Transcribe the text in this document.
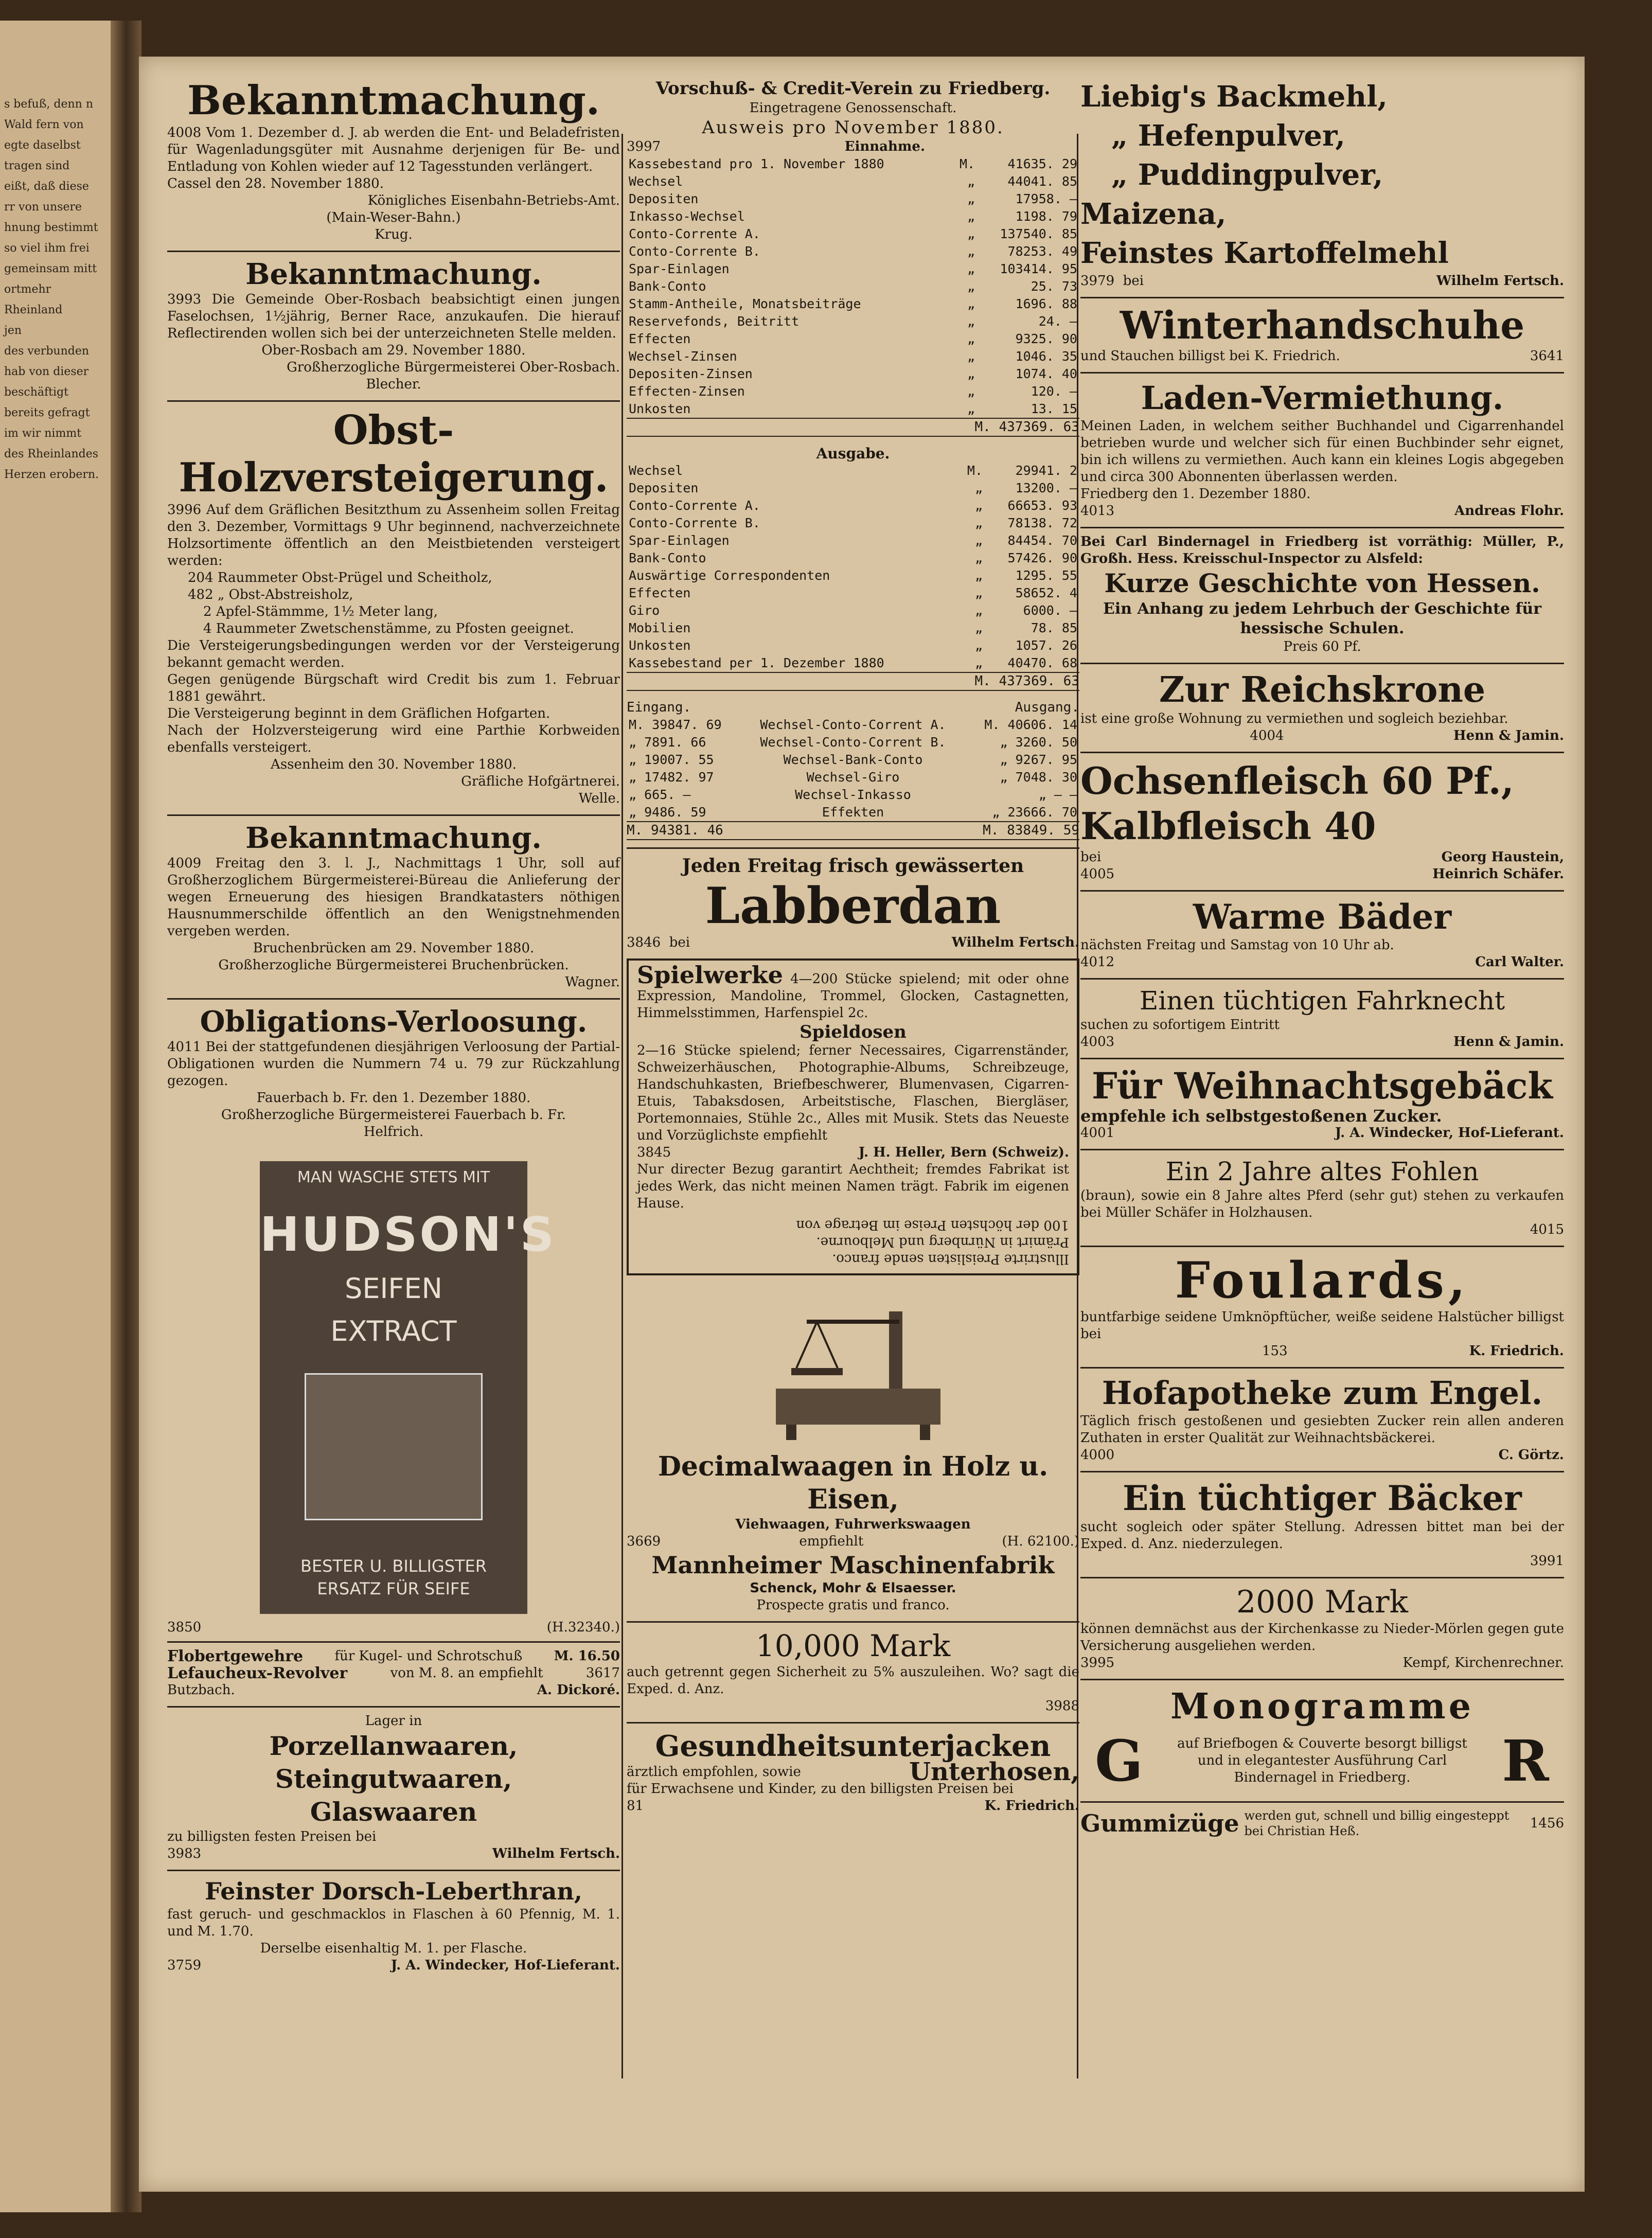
s befuß, denn n
Wald fern von
egte daselbst
tragen sind
eißt, daß diese
rr von unsere
hnung bestimmt
so viel ihm frei
gemeinsam mitt
ortmehr
Rheinland
jen
des verbunden
hab von dieser
beschäftigt
bereits gefragt
im wir nimmt
des Rheinlandes
Herzen erobern.
Bekanntmachung.

4008 Vom 1. Dezember d. J. ab werden die Ent- und Beladefristen für Wagenladungsgüter mit Ausnahme derjenigen für Be- und Entladung von Kohlen wieder auf 12 Tagesstunden verlängert.

Cassel den 28. November 1880.

Königliches Eisenbahn-Betriebs-Amt.

(Main-Weser-Bahn.)

Krug.

Bekanntmachung.

3993 Die Gemeinde Ober-Rosbach beabsichtigt einen jungen Faselochsen, 1½jährig, Berner Race, anzukaufen. Die hierauf Reflectirenden wollen sich bei der unterzeichneten Stelle melden.

Ober-Rosbach am 29. November 1880.

Großherzogliche Bürgermeisterei Ober-Rosbach.

Blecher.

Obst-Holzversteigerung.

3996 Auf dem Gräflichen Besitzthum zu Assenheim sollen Freitag den 3. Dezember, Vormittags 9 Uhr beginnend, nachverzeichnete Holzsortimente öffentlich an den Meistbietenden versteigert werden:

204 Raummeter Obst-Prügel und Scheitholz,

482 „ Obst-Abstreisholz,

2 Apfel-Stämmme, 1½ Meter lang,

4 Raummeter Zwetschenstämme, zu Pfosten geeignet.

Die Versteigerungsbedingungen werden vor der Versteigerung bekannt gemacht werden.

Gegen genügende Bürgschaft wird Credit bis zum 1. Februar 1881 gewährt.

Die Versteigerung beginnt in dem Gräflichen Hofgarten.

Nach der Holzversteigerung wird eine Parthie Korbweiden ebenfalls versteigert.

Assenheim den 30. November 1880.

Gräfliche Hofgärtnerei.

Welle.

Bekanntmachung.

4009 Freitag den 3. l. J., Nachmittags 1 Uhr, soll auf Großherzoglichem Bürgermeisterei-Büreau die Anlieferung der wegen Erneuerung des hiesigen Brandkatasters nöthigen Hausnummerschilde öffentlich an den Wenigstnehmenden vergeben werden.

Bruchenbrücken am 29. November 1880.

Großherzogliche Bürgermeisterei Bruchenbrücken.

Wagner.

Obligations-Verloosung.

4011 Bei der stattgefundenen diesjährigen Verloosung der Partial-Obligationen wurden die Nummern 74 u. 79 zur Rückzahlung gezogen.

Fauerbach b. Fr. den 1. Dezember 1880.

Großherzogliche Bürgermeisterei Fauerbach b. Fr.

Helfrich.

MAN WASCHE STETS MIT
HUDSON'S
SEIFEN
EXTRACT
BESTER U. BILLIGSTER
ERSATZ FÜR SEIFE
3850	(H.32340.)
Flobertgewehre für Kugel- und Schrotschuß M. 16.50
Lefaucheux-Revolver	von M. 8. an empfiehlt	3617
Butzbach.	A. Dickoré.
Lager in
Porzellanwaaren,
Steingutwaaren,
Glaswaaren

zu billigsten festen Preisen bei

3983	Wilhelm Fertsch.
Feinster Dorsch-Leberthran,

fast geruch- und geschmacklos in Flaschen à 60 Pfennig, M. 1. und M. 1.70.

Derselbe eisenhaltig M. 1. per Flasche.

3759	J. A. Windecker, Hof-Lieferant.
Vorschuß- & Credit-Verein zu Friedberg.
Eingetragene Genossenschaft.
Ausweis pro November 1880.
3997	Einnahme.
Kassebestand pro 1. November 1880	M.	41635. 29
Wechsel	„	44041. 85
Depositen	„	17958. —
Inkasso-Wechsel	„	1198. 79
Conto-Corrente A.	„	137540. 85
Conto-Corrente B.	„	78253. 49
Spar-Einlagen	„	103414. 95
Bank-Conto	„	25. 73
Stamm-Antheile, Monatsbeiträge	„	1696. 88
Reservefonds, Beitritt	„	24. —
Effecten	„	9325. 90
Wechsel-Zinsen	„	1046. 35
Depositen-Zinsen	„	1074. 40
Effecten-Zinsen	„	120. —
Unkosten	„	13. 15
M. 437369. 63
Ausgabe.
Wechsel	M.	29941. 2
Depositen	„	13200. —
Conto-Corrente A.	„	66653. 93
Conto-Corrente B.	„	78138. 72
Spar-Einlagen	„	84454. 70
Bank-Conto	„	57426. 90
Auswärtige Correspondenten	„	1295. 55
Effecten	„	58652. 4
Giro	„	6000. —
Mobilien	„	78. 85
Unkosten	„	1057. 26
Kassebestand per 1. Dezember 1880	„	40470. 68
M. 437369. 63
Eingang.	Ausgang.
M. 39847. 69	Wechsel-Conto-Corrent A.	M. 40606. 14
„ 7891. 66	Wechsel-Conto-Corrent B.	„ 3260. 50
„ 19007. 55	Wechsel-Bank-Conto	„ 9267. 95
„ 17482. 97	Wechsel-Giro	„ 7048. 30
„ 665. —	Wechsel-Inkasso	„ — —
„ 9486. 59	Effekten	„ 23666. 70
M. 94381. 46	M. 83849. 59
Jeden Freitag frisch gewässerten
Labberdan
3846 bei	Wilhelm Fertsch.

Spielwerke 4—200 Stücke spielend; mit oder ohne Expression, Mandoline, Trommel, Glocken, Castagnetten, Himmelsstimmen, Harfenspiel 2c.

Spieldosen

2—16 Stücke spielend; ferner Necessaires, Cigarrenständer, Schweizerhäuschen, Photographie-Albums, Schreibzeuge, Handschuhkasten, Briefbeschwerer, Blumenvasen, Cigarren-Etuis, Tabaksdosen, Arbeitstische, Flaschen, Biergläser, Portemonnaies, Stühle 2c., Alles mit Musik. Stets das Neueste und Vorzüglichste empfiehlt

3845	J. H. Heller, Bern (Schweiz).

Nur directer Bezug garantirt Aechtheit; fremdes Fabrikat ist jedes Werk, das nicht meinen Namen trägt. Fabrik im eigenen Hause.

Illustrirte Preislisten sende franco.

Prämirt in Nürnberg und Melbourne.

100 der höchsten Preise im Betrage von

Decimalwaagen in Holz u. Eisen,
Viehwaagen, Fuhrwerkswaagen
3669	empfiehlt	(H. 62100.)
Mannheimer Maschinenfabrik
Schenck, Mohr & Elsaesser.
Prospecte gratis und franco.
10,000 Mark

auch getrennt gegen Sicherheit zu 5% auszuleihen. Wo? sagt die Exped. d. Anz.

3988

Gesundheitsunterjacken
ärztlich empfohlen, sowie	Unterhosen,

für Erwachsene und Kinder, zu den billigsten Preisen bei

81	K. Friedrich.
Liebig's Backmehl,
„ Hefenpulver,
„ Puddingpulver,
Maizena,
Feinstes Kartoffelmehl
3979 bei	Wilhelm Fertsch.
Winterhandschuhe
und Stauchen billigst bei K. Friedrich.	3641
Laden-Vermiethung.

Meinen Laden, in welchem seither Buchhandel und Cigarrenhandel betrieben wurde und welcher sich für einen Buchbinder sehr eignet, bin ich willens zu vermiethen. Auch kann ein kleines Logis abgegeben und circa 300 Abonnenten überlassen werden.

Friedberg den 1. Dezember 1880.

4013	Andreas Flohr.

Bei Carl Bindernagel in Friedberg ist vorräthig: Müller, P., Großh. Hess. Kreisschul-Inspector zu Alsfeld:

Kurze Geschichte von Hessen.
Ein Anhang zu jedem Lehrbuch der Geschichte für hessische Schulen.
Preis 60 Pf.
Zur Reichskrone

ist eine große Wohnung zu vermiethen und sogleich beziehbar.

4004	Henn & Jamin.
Ochsenfleisch 60 Pf.,
Kalbfleisch 40
bei	Georg Haustein,
4005	Heinrich Schäfer.
Warme Bäder

nächsten Freitag und Samstag von 10 Uhr ab.

4012	Carl Walter.
Einen tüchtigen Fahrknecht

suchen zu sofortigem Eintritt

4003	Henn & Jamin.
Für Weihnachtsgebäck

empfehle ich selbstgestoßenen Zucker.

4001	J. A. Windecker, Hof-Lieferant.
Ein 2 Jahre altes Fohlen

(braun), sowie ein 8 Jahre altes Pferd (sehr gut) stehen zu verkaufen bei Müller Schäfer in Holzhausen.

4015

Foulards,

buntfarbige seidene Umknöpftücher, weiße seidene Halstücher billigst bei

153	K. Friedrich.
Hofapotheke zum Engel.

Täglich frisch gestoßenen und gesiebten Zucker rein allen anderen Zuthaten in erster Qualität zur Weihnachtsbäckerei.

4000	C. Görtz.
Ein tüchtiger Bäcker

sucht sogleich oder später Stellung. Adressen bittet man bei der Exped. d. Anz. niederzulegen.

3991

2000 Mark

können demnächst aus der Kirchenkasse zu Nieder-Mörlen gegen gute Versicherung ausgeliehen werden.

3995	Kempf, Kirchenrechner.
Monogramme
G	auf Briefbogen & Couverte besorgt billigst und in elegantester Ausführung Carl Bindernagel in Friedberg.	R
Gummizüge werden gut, schnell und billig eingesteppt bei Christian Heß.
1456
